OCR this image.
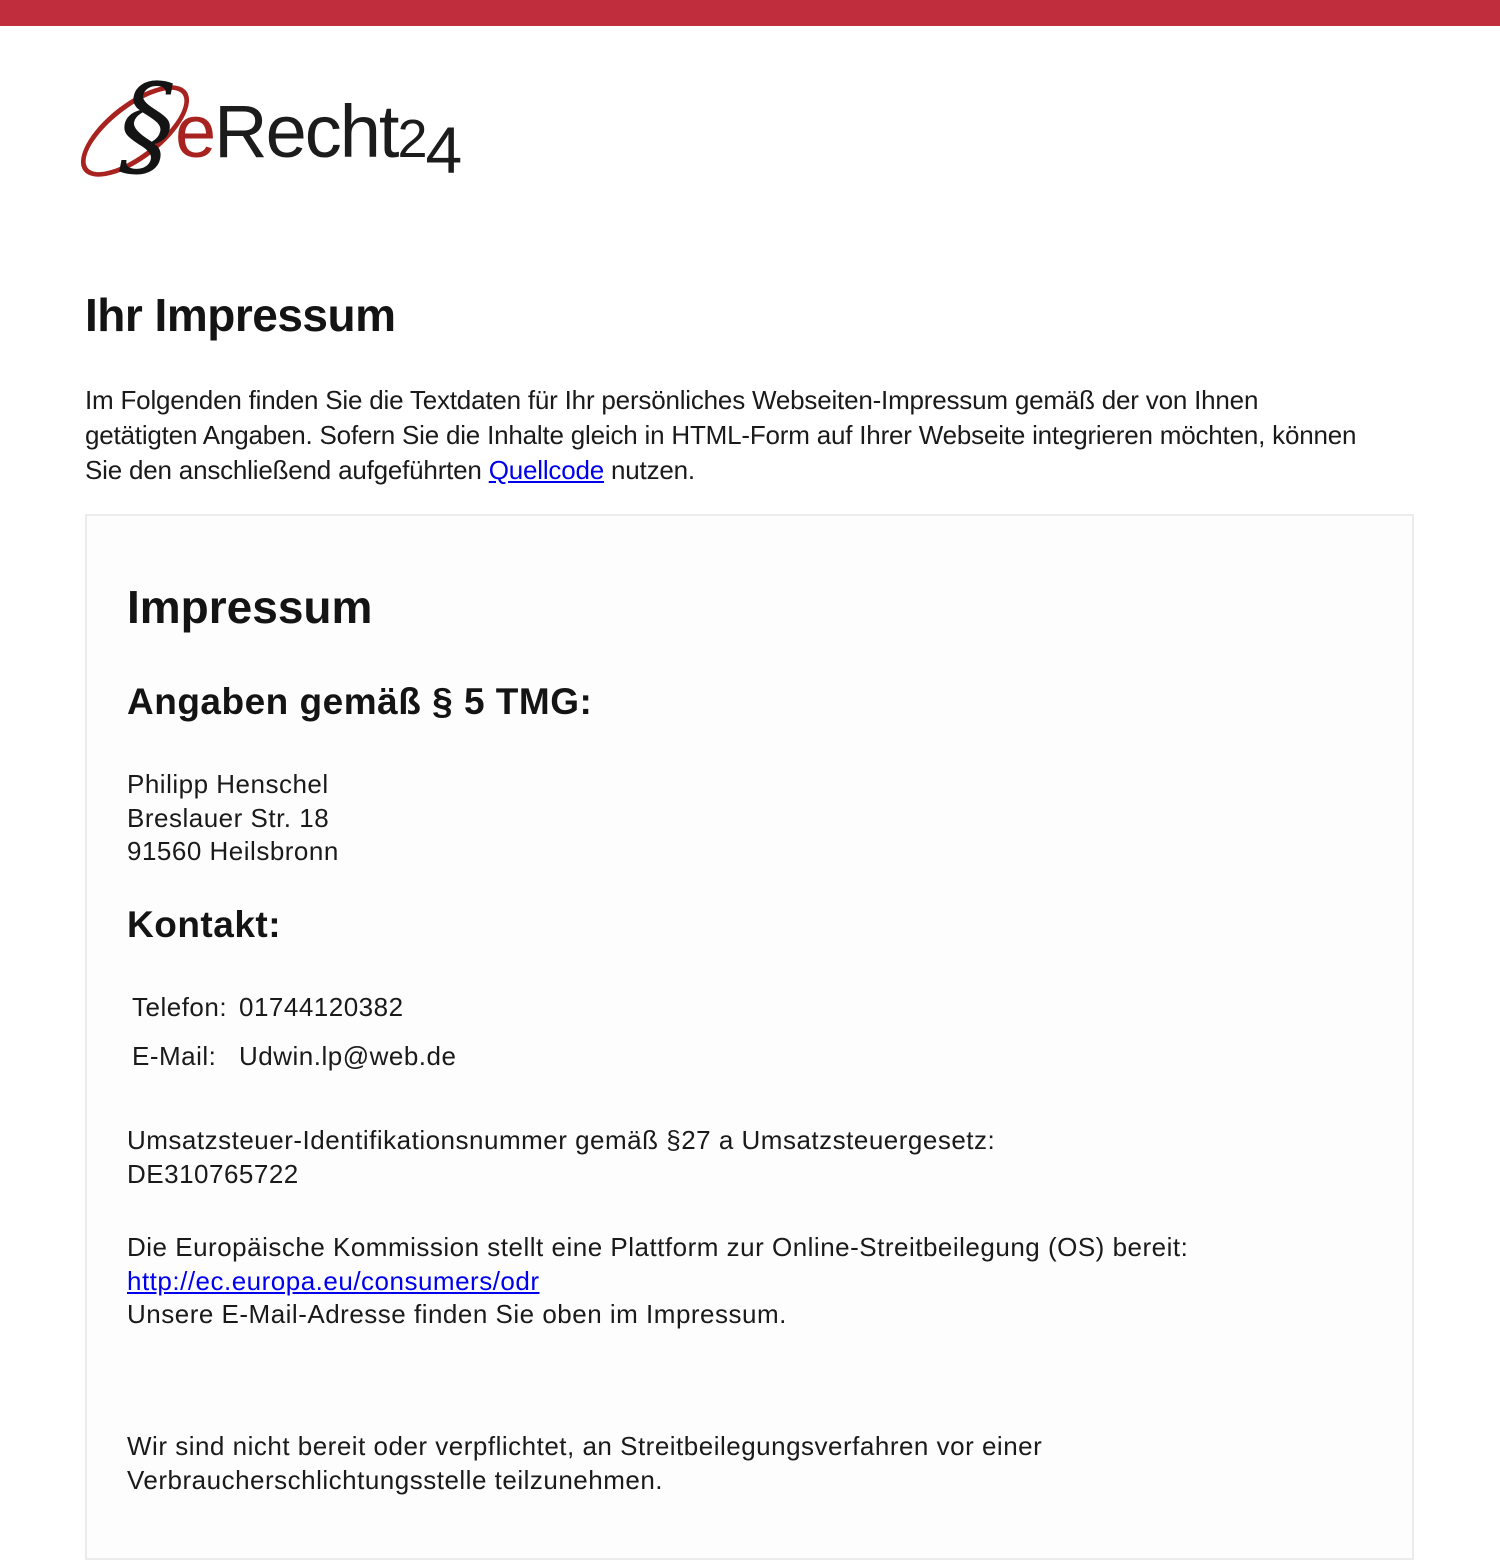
§ eRecht24
Ihr Impressum

Im Folgenden finden Sie die Textdaten für Ihr persönliches Webseiten-Impressum gemäß der von Ihnen
getätigten Angaben. Sofern Sie die Inhalte gleich in HTML-Form auf Ihrer Webseite integrieren möchten, können
Sie den anschließend aufgeführten Quellcode nutzen.

Impressum
Angaben gemäß § 5 TMG:
Philipp Henschel
Breslauer Str. 18
91560 Heilsbronn
Kontakt:
Telefon: 01744120382
E-Mail: Udwin.lp@web.de
Umsatzsteuer-Identifikationsnummer gemäß §27 a Umsatzsteuergesetz:
DE310765722
Die Europäische Kommission stellt eine Plattform zur Online-Streitbeilegung (OS) bereit:
http://ec.europa.eu/consumers/odr
Unsere E-Mail-Adresse finden Sie oben im Impressum.
Wir sind nicht bereit oder verpflichtet, an Streitbeilegungsverfahren vor einer
Verbraucherschlichtungsstelle teilzunehmen.
